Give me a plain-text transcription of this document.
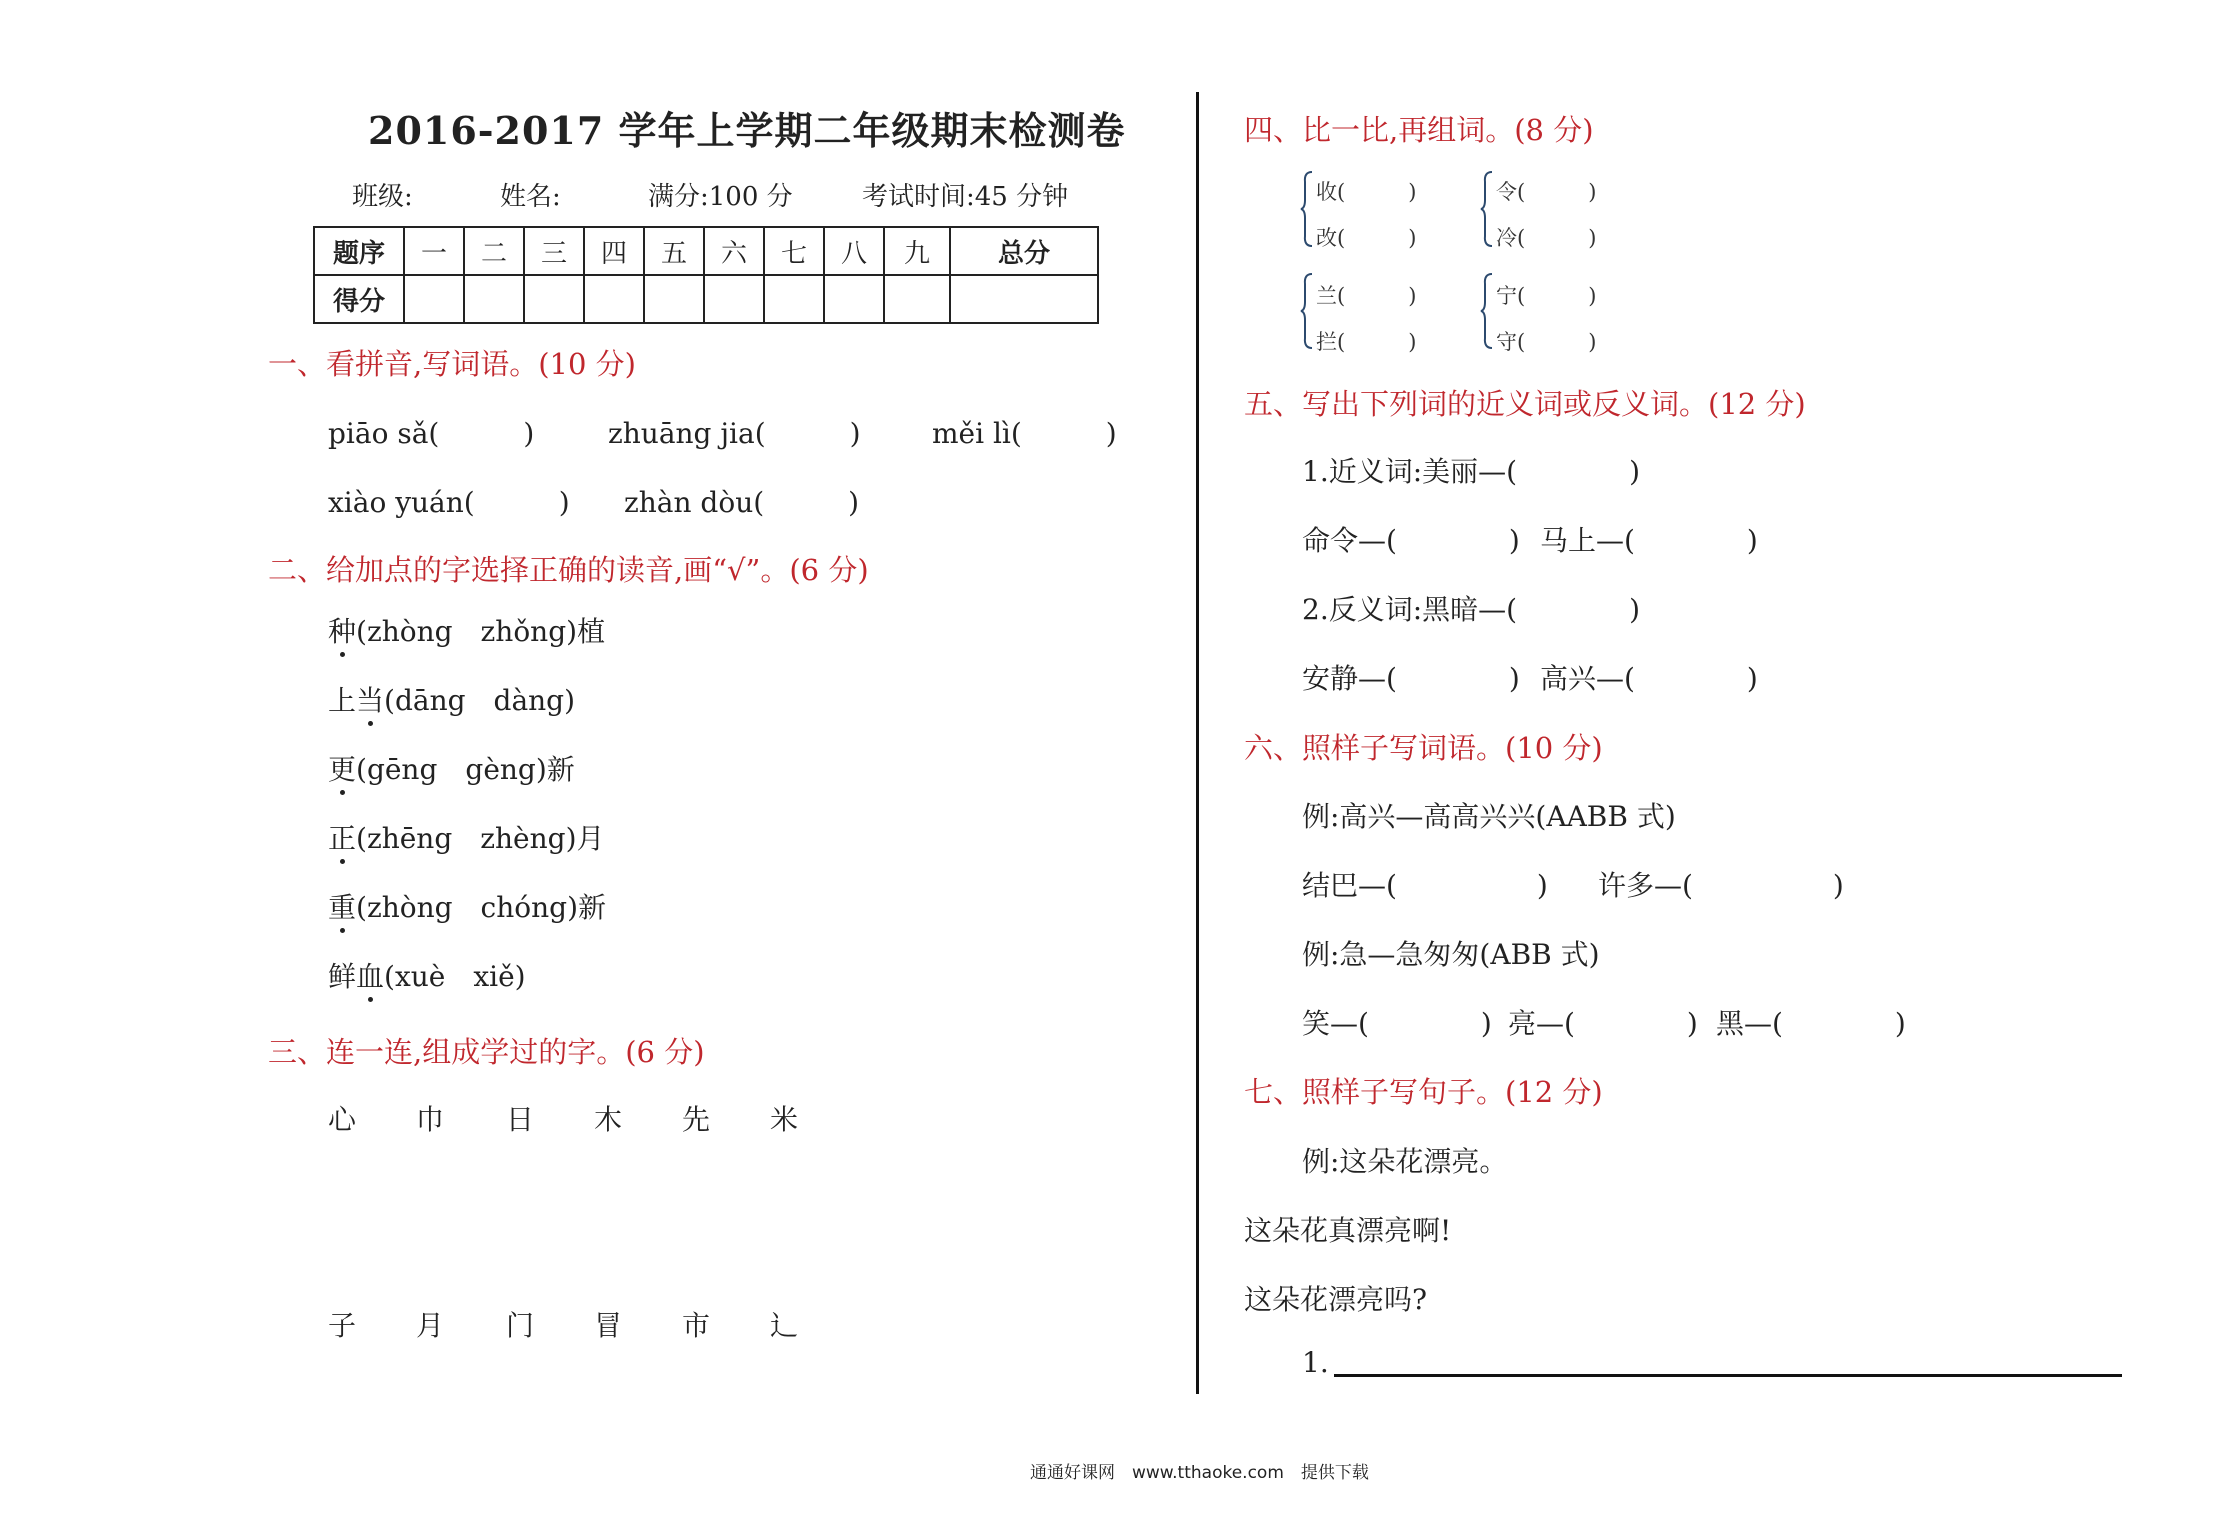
2016-2017 学年上学期二年级期末检测卷
班级:	姓名:	满分:100 分	考试时间:45 分钟
题序	一	二	三	四	五	六	七	八	九	总分
得分										
一、看拼音,写词语。(10 分)
piāo sǎ(　　　)	zhuāng jia(　　　)	měi lì(　　　)
xiào yuán(　　　) zhàn dòu(　　　)
二、给加点的字选择正确的读音,画“√”。(6 分)
种(zhòng　zhǒng)植
上当(dāng　dàng)
更(gēng　gèng)新
正(zhēng　zhèng)月
重(zhòng　chóng)新
鲜血(xuè　xiě)
三、连一连,组成学过的字。(6 分)
心 巾 日 木 先 米
子 月 门 冒 市 辶
四、比一比,再组词。(8 分)
收(　　　)
改(　　　)
令(　　　)
冷(　　　)
兰(　　　)
拦(　　　)
宁(　　　)
守(　　　)
五、写出下列词的近义词或反义词。(12 分)
1.近义词:美丽—(　　　　)
命令—(　　　　) 马上—(　　　　)
2.反义词:黑暗—(　　　　)
安静—(　　　　) 高兴—(　　　　)
六、照样子写词语。(10 分)
例:高兴—高高兴兴(AABB 式)
结巴—(　　　　　) 许多—(　　　　　)
例:急—急匆匆(ABB 式)
笑—(　　　　) 亮—(　　　　) 黑—(　　　　)
七、照样子写句子。(12 分)
例:这朵花漂亮。
这朵花真漂亮啊!
这朵花漂亮吗?
1.
通通好课网　www.tthaoke.com　提供下载
